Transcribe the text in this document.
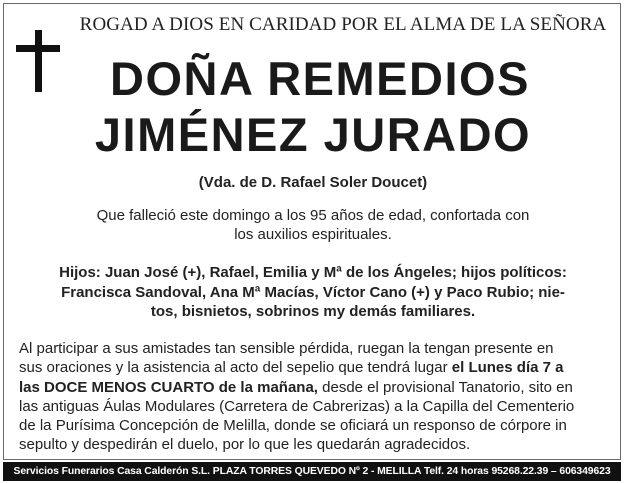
ROGAD A DIOS EN CARIDAD POR EL ALMA DE LA SEÑORA
DOÑA REMEDIOS
JIMÉNEZ JURADO
(Vda. de D. Rafael Soler Doucet)
Que falleció este domingo a los 95 años de edad, confortada con
los auxilios espirituales.
Hijos: Juan José (+), Rafael, Emilia y Mª de los Ángeles; hijos políticos:
Francisca Sandoval, Ana Mª Macías, Víctor Cano (+) y Paco Rubio; nie-
tos, bisnietos, sobrinos my demás familiares.
Al participar a sus amistades tan sensible pérdida, ruegan la tengan presente en
sus oraciones y la asistencia al acto del sepelio que tendrá lugar el Lunes día 7 a
las DOCE MENOS CUARTO de la mañana, desde el provisional Tanatorio, sito en
las antiguas Áulas Modulares (Carretera de Cabrerizas) a la Capilla del Cementerio
de la Purísima Concepción de Melilla, donde se oficiará un responso de córpore in
sepulto y despedirán el duelo, por lo que les quedarán agradecidos.
Servicios Funerarios Casa Calderón S.L. PLAZA TORRES QUEVEDO Nº 2 - MELILLA Telf. 24 horas 95268.22.39 – 606349623
